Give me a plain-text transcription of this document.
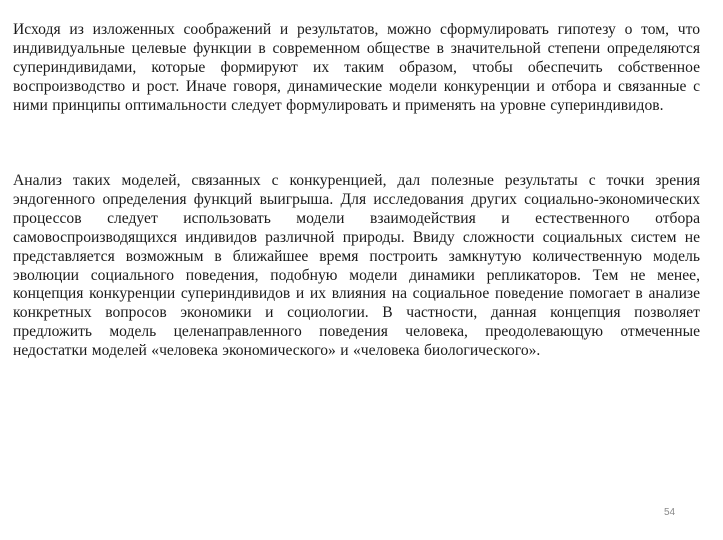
Исходя из изложенных соображений и результатов, можно сформулировать гипотезу о том, что индивидуальные целевые функции в современном обществе в значительной степени определяются супериндивидами, которые формируют их таким образом, чтобы обеспечить собственное воспроизводство и рост. Иначе говоря, динамические модели конкуренции и отбора и связанные с ними принципы оптимальности следует формулировать и применять на уровне супериндивидов.

Анализ таких моделей, связанных с конкуренцией, дал полезные результаты с точки зрения эндогенного определения функций выигрыша. Для исследования других социально-экономических процессов следует использовать модели взаимодействия и естественного отбора самовоспроизводящихся индивидов различной природы. Ввиду сложности социальных систем не представляется возможным в ближайшее время построить замкнутую количественную модель эволюции социального поведения, подобную модели динамики репликаторов. Тем не менее, концепция конкуренции супериндивидов и их влияния на социальное поведение помогает в анализе конкретных вопросов экономики и социологии. В частности, данная концепция позволяет предложить модель целенаправленного поведения человека, преодолевающую отмеченные недостатки моделей «человека экономического» и «человека биологического».

54
